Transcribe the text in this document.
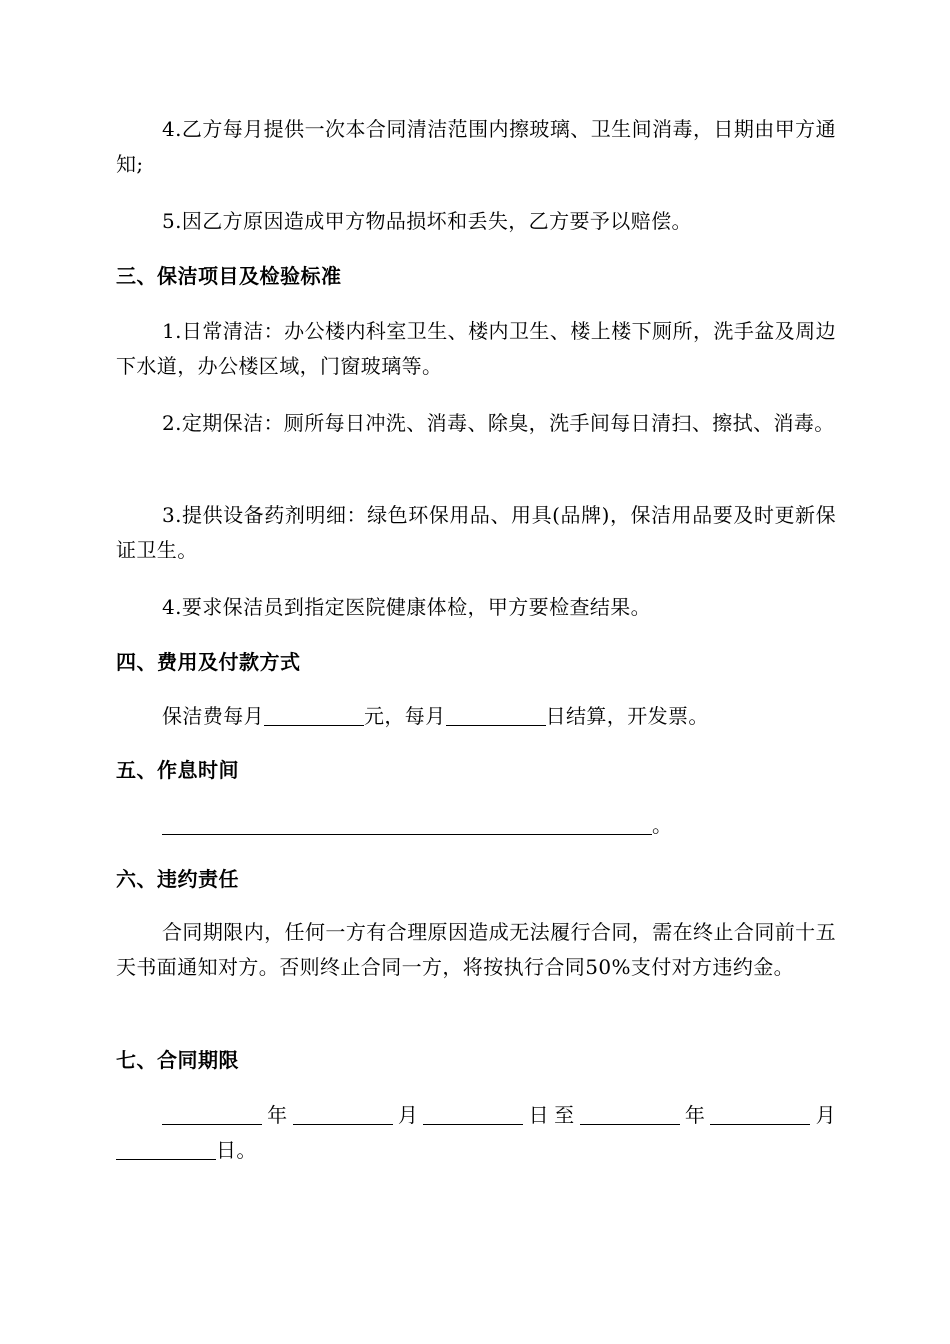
4.乙方每月提供一次本合同清洁范围内擦玻璃、卫生间消毒，日期由甲方通知;

5.因乙方原因造成甲方物品损坏和丢失，乙方要予以赔偿。

三、保洁项目及检验标准

1.日常清洁：办公楼内科室卫生、楼内卫生、楼上楼下厕所，洗手盆及周边下水道，办公楼区域，门窗玻璃等。

2.定期保洁：厕所每日冲洗、消毒、除臭，洗手间每日清扫、擦拭、消毒。

3.提供设备药剂明细：绿色环保用品、用具(品牌)，保洁用品要及时更新保证卫生。

4.要求保洁员到指定医院健康体检，甲方要检查结果。

四、费用及付款方式

保洁费每月	元，每月	日结算，开发票。

五、作息时间

。

六、违约责任

合同期限内，任何一方有合理原因造成无法履行合同，需在终止合同前十五天书面通知对方。否则终止合同一方，将按执行合同50%支付对方违约金。

七、合同期限

年	月	日至	年	月日。
